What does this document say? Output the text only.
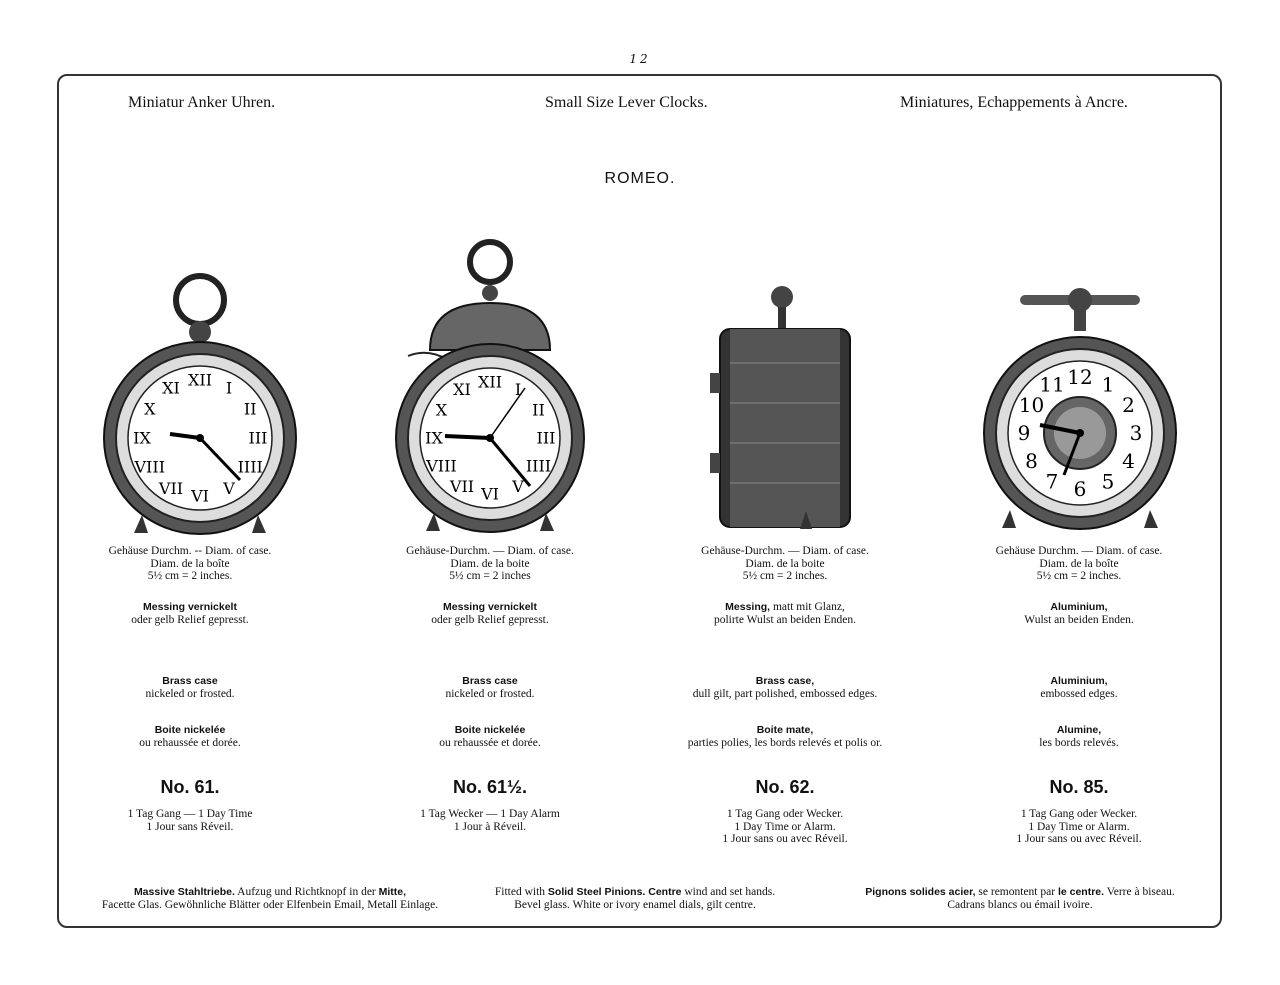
12
Miniatur Anker Uhren.	Small Size Lever Clocks.	Miniatures, Echappements à Ancre.
ROMEO.
XII I
II
III
IIII
V
VI
VII
VIII
IX
X
XI	XII I
II
III
IIII
V
VI
VII
VIII
IX
X
XI
12 1
2
3
4
5
6
7
8
9
10
11
Gehäuse Durchm. -- Diam. of case.
Diam. de la boîte
5½ cm = 2 inches.
Messing vernickelt
oder gelb Relief gepresst.
Brass case
nickeled or frosted.
Boite nickelée
ou rehaussée et dorée.
No. 61.
1 Tag Gang — 1 Day Time
1 Jour sans Réveil.
Gehäuse-Durchm. — Diam. of case.
Diam. de la boite
5½ cm = 2 inches
Messing vernickelt
oder gelb Relief gepresst.
Brass case
nickeled or frosted.
Boite nickelée
ou rehaussée et dorée.
No. 61½.
1 Tag Wecker — 1 Day Alarm
1 Jour à Réveil.
Gehäuse-Durchm. — Diam. of case.
Diam. de la boite
5½ cm = 2 inches.
Messing, matt mit Glanz,
polirte Wulst an beiden Enden.
Brass case,
dull gilt, part polished, embossed edges.
Boite mate,
parties polies, les bords relevés et polis or.
No. 62.
1 Tag Gang oder Wecker.
1 Day Time or Alarm.
1 Jour sans ou avec Réveil.
Gehäuse Durchm. — Diam. of case.
Diam. de la boîte
5½ cm = 2 inches.
Aluminium,
Wulst an beiden Enden.
Aluminium,
embossed edges.
Alumine,
les bords relevés.
No. 85.
1 Tag Gang oder Wecker.
1 Day Time or Alarm.
1 Jour sans ou avec Réveil.
Massive Stahltriebe. Aufzug und Richtknopf in der Mitte,
Facette Glas. Gewöhnliche Blätter oder Elfenbein Email, Metall Einlage.
Fitted with Solid Steel Pinions. Centre wind and set hands.
Bevel glass. White or ivory enamel dials, gilt centre.
Pignons solides acier, se remontent par le centre. Verre à biseau.
Cadrans blancs ou émail ivoire.
